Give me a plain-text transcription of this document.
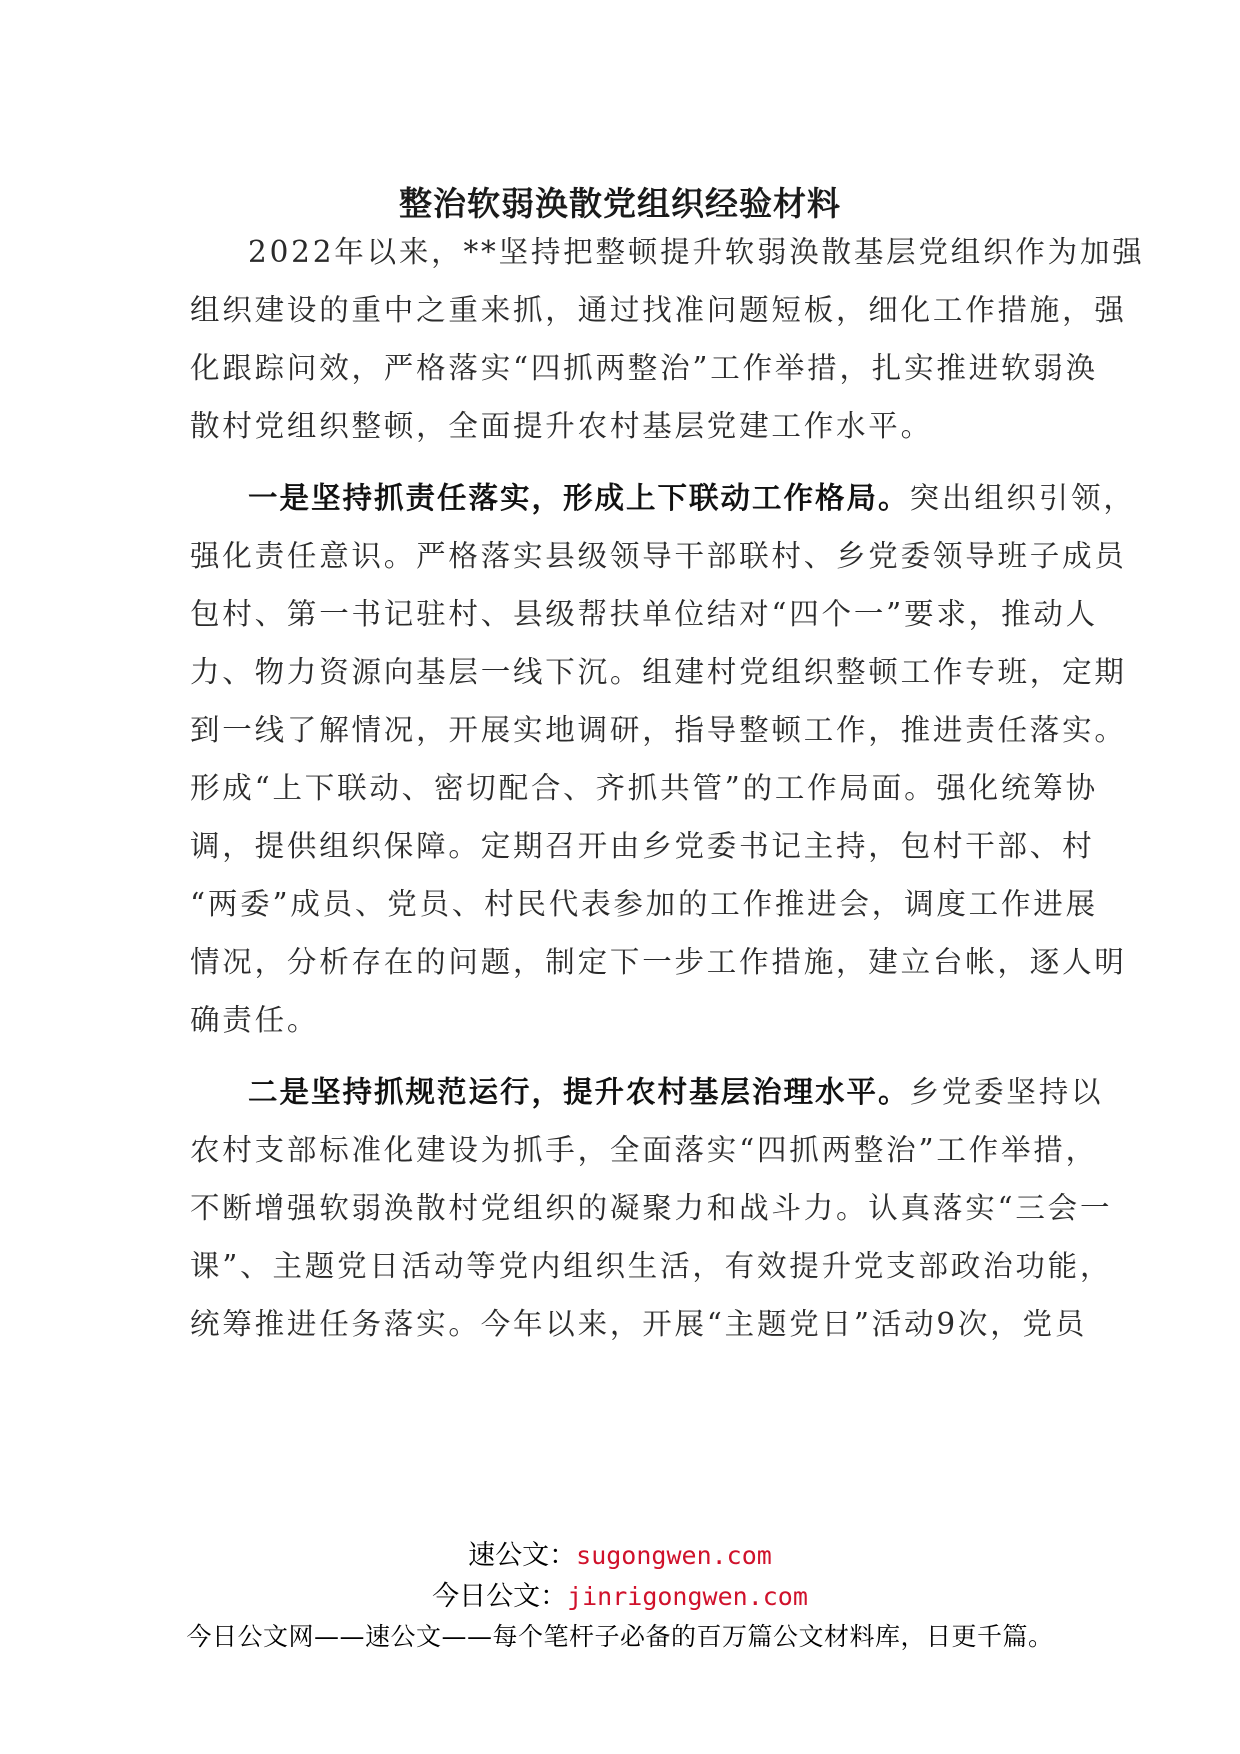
整治软弱涣散党组织经验材料
2022年以来，**坚持把整顿提升软弱涣散基层党组织作为加强
组织建设的重中之重来抓，通过找准问题短板，细化工作措施，强
化跟踪问效，严格落实“四抓两整治”工作举措，扎实推进软弱涣
散村党组织整顿，全面提升农村基层党建工作水平。
一是坚持抓责任落实，形成上下联动工作格局。突出组织引领，
强化责任意识。严格落实县级领导干部联村、乡党委领导班子成员
包村、第一书记驻村、县级帮扶单位结对“四个一”要求，推动人
力、物力资源向基层一线下沉。组建村党组织整顿工作专班，定期
到一线了解情况，开展实地调研，指导整顿工作，推进责任落实。
形成“上下联动、密切配合、齐抓共管”的工作局面。强化统筹协
调，提供组织保障。定期召开由乡党委书记主持，包村干部、村
“两委”成员、党员、村民代表参加的工作推进会，调度工作进展
情况，分析存在的问题，制定下一步工作措施，建立台帐，逐人明
确责任。
二是坚持抓规范运行，提升农村基层治理水平。乡党委坚持以
农村支部标准化建设为抓手，全面落实“四抓两整治”工作举措，
不断增强软弱涣散村党组织的凝聚力和战斗力。认真落实“三会一
课”、主题党日活动等党内组织生活，有效提升党支部政治功能，
统筹推进任务落实。今年以来，开展“主题党日”活动9次，党员
速公文：sugongwen.com
今日公文：jinrigongwen.com
今日公文网——速公文——每个笔杆子必备的百万篇公文材料库，日更千篇。
